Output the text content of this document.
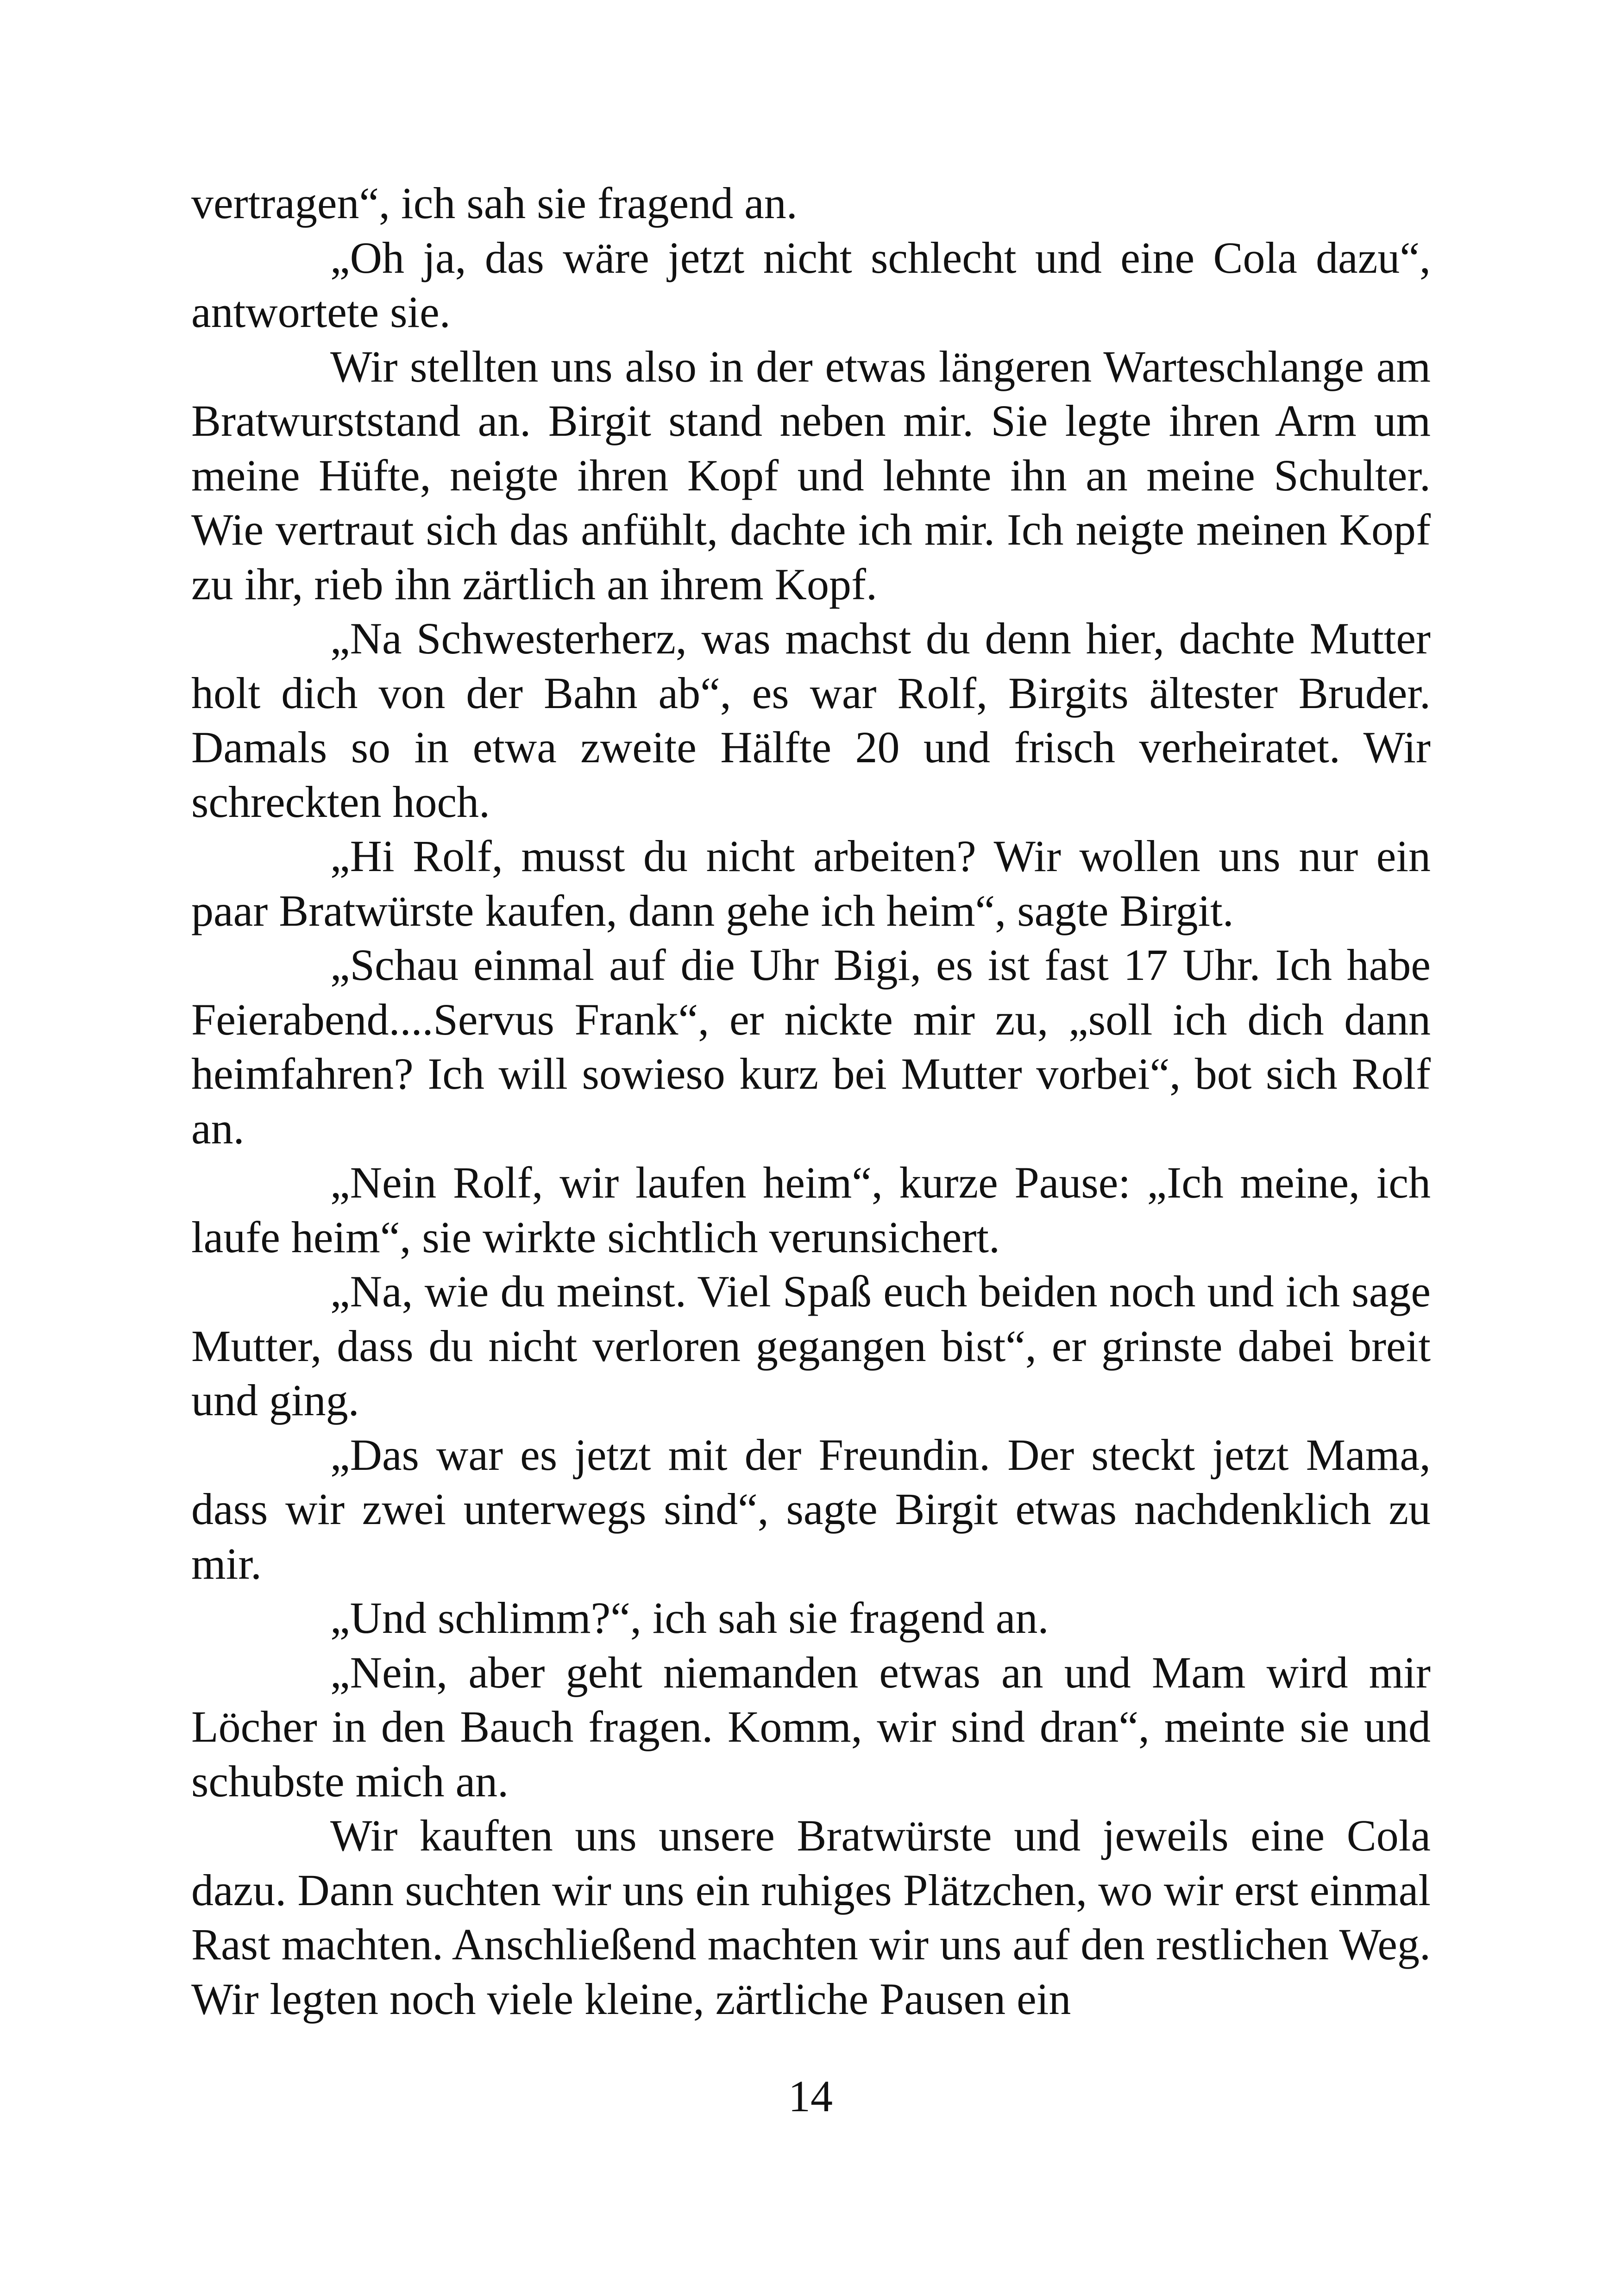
vertragen“, ich sah sie fragend an.

„Oh ja, das wäre jetzt nicht schlecht und eine Cola dazu“, antwortete sie.

Wir stellten uns also in der etwas längeren Warteschlange am Bratwurststand an. Birgit stand neben mir. Sie legte ihren Arm um meine Hüfte, neigte ihren Kopf und lehnte ihn an meine Schulter. Wie vertraut sich das anfühlt, dachte ich mir. Ich neigte meinen Kopf zu ihr, rieb ihn zärtlich an ihrem Kopf.

„Na Schwesterherz, was machst du denn hier, dachte Mutter holt dich von der Bahn ab“, es war Rolf, Birgits ältester Bruder. Damals so in etwa zweite Hälfte 20 und frisch verheiratet. Wir schreckten hoch.

„Hi Rolf, musst du nicht arbeiten? Wir wollen uns nur ein paar Bratwürste kaufen, dann gehe ich heim“, sagte Birgit.

„Schau einmal auf die Uhr Bigi, es ist fast 17 Uhr. Ich habe Feierabend....Servus Frank“, er nickte mir zu, „soll ich dich dann heimfahren? Ich will sowieso kurz bei Mutter vorbei“, bot sich Rolf an.

„Nein Rolf, wir laufen heim“, kurze Pause: „Ich meine, ich laufe heim“, sie wirkte sichtlich verunsichert.

„Na, wie du meinst. Viel Spaß euch beiden noch und ich sage Mutter, dass du nicht verloren gegangen bist“, er grinste dabei breit und ging.

„Das war es jetzt mit der Freundin. Der steckt jetzt Mama, dass wir zwei unterwegs sind“, sagte Birgit etwas nachdenklich zu mir.

„Und schlimm?“, ich sah sie fragend an.

„Nein, aber geht niemanden etwas an und Mam wird mir Löcher in den Bauch fragen. Komm, wir sind dran“, meinte sie und schubste mich an.

Wir kauften uns unsere Bratwürste und jeweils eine Cola dazu. Dann suchten wir uns ein ruhiges Plätzchen, wo wir erst einmal Rast machten. Anschließend machten wir uns auf den restlichen Weg. Wir legten noch viele kleine, zärtliche Pausen ein

14
